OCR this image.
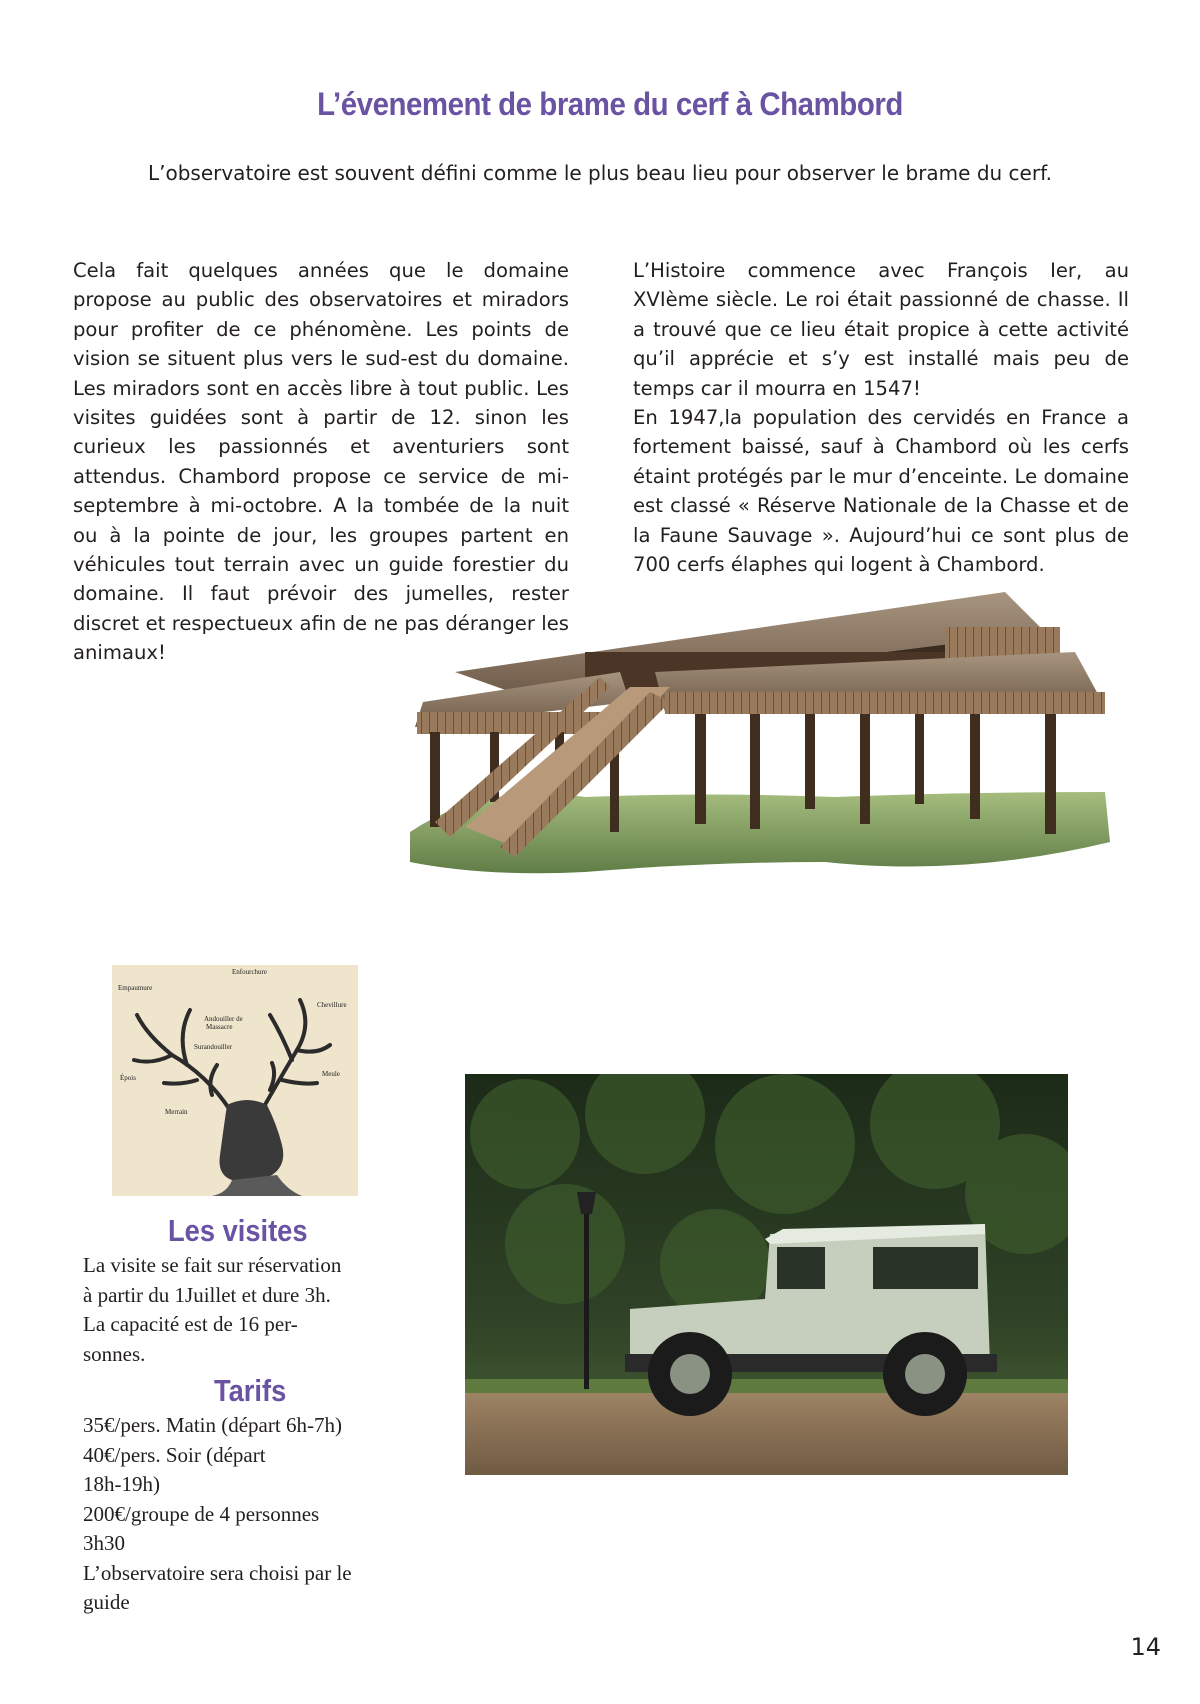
L’évenement de brame du cerf à Chambord
L’observatoire est souvent défini comme le plus beau lieu pour observer le brame du cerf.

Cela fait quelques années que le domaine propose au public des observatoires et miradors pour profiter de ce phénomène. Les points de vision se situent plus vers le sud-est du domaine. Les miradors sont en accès libre à tout public. Les visites guidées sont à partir de 12. sinon les curieux les passionnés et aventuriers sont attendus. Chambord propose ce service de mi-septembre à mi-octobre. A la tombée de la nuit ou à la pointe de jour, les groupes partent en véhicules tout terrain avec un guide forestier du domaine. Il faut prévoir des jumelles, rester discret et respectueux afin de ne pas déranger les animaux!

L’Histoire commence avec François Ier, au XVIème siècle. Le roi était passionné de chasse. Il a trouvé que ce lieu était propice à cette activité qu’il apprécie et s’y est installé mais peu de temps car il mourra en 1547!

En 1947,la population des cervidés en France a fortement baissé, sauf à Chambord où les cerfs étaint protégés par le mur d’enceinte. Le domaine est classé « Réserve Nationale de la Chasse et de la Faune Sauvage ». Aujourd’hui ce sont plus de 700 cerfs élaphes qui logent à Chambord.

Enfourchure
Empaumure
Chevillure
Andouiller de
Massacre
Surandouiller
Épois	Meule
Merrain
Les visites

La visite se fait sur réservation

à partir du 1Juillet et dure 3h.

La capacité est de 16 per-

sonnes.

Tarifs

35€/pers. Matin (départ 6h-7h)

40€/pers. Soir (départ

18h-19h)

200€/groupe de 4 personnes

3h30

L’observatoire sera choisi par le

guide

14
